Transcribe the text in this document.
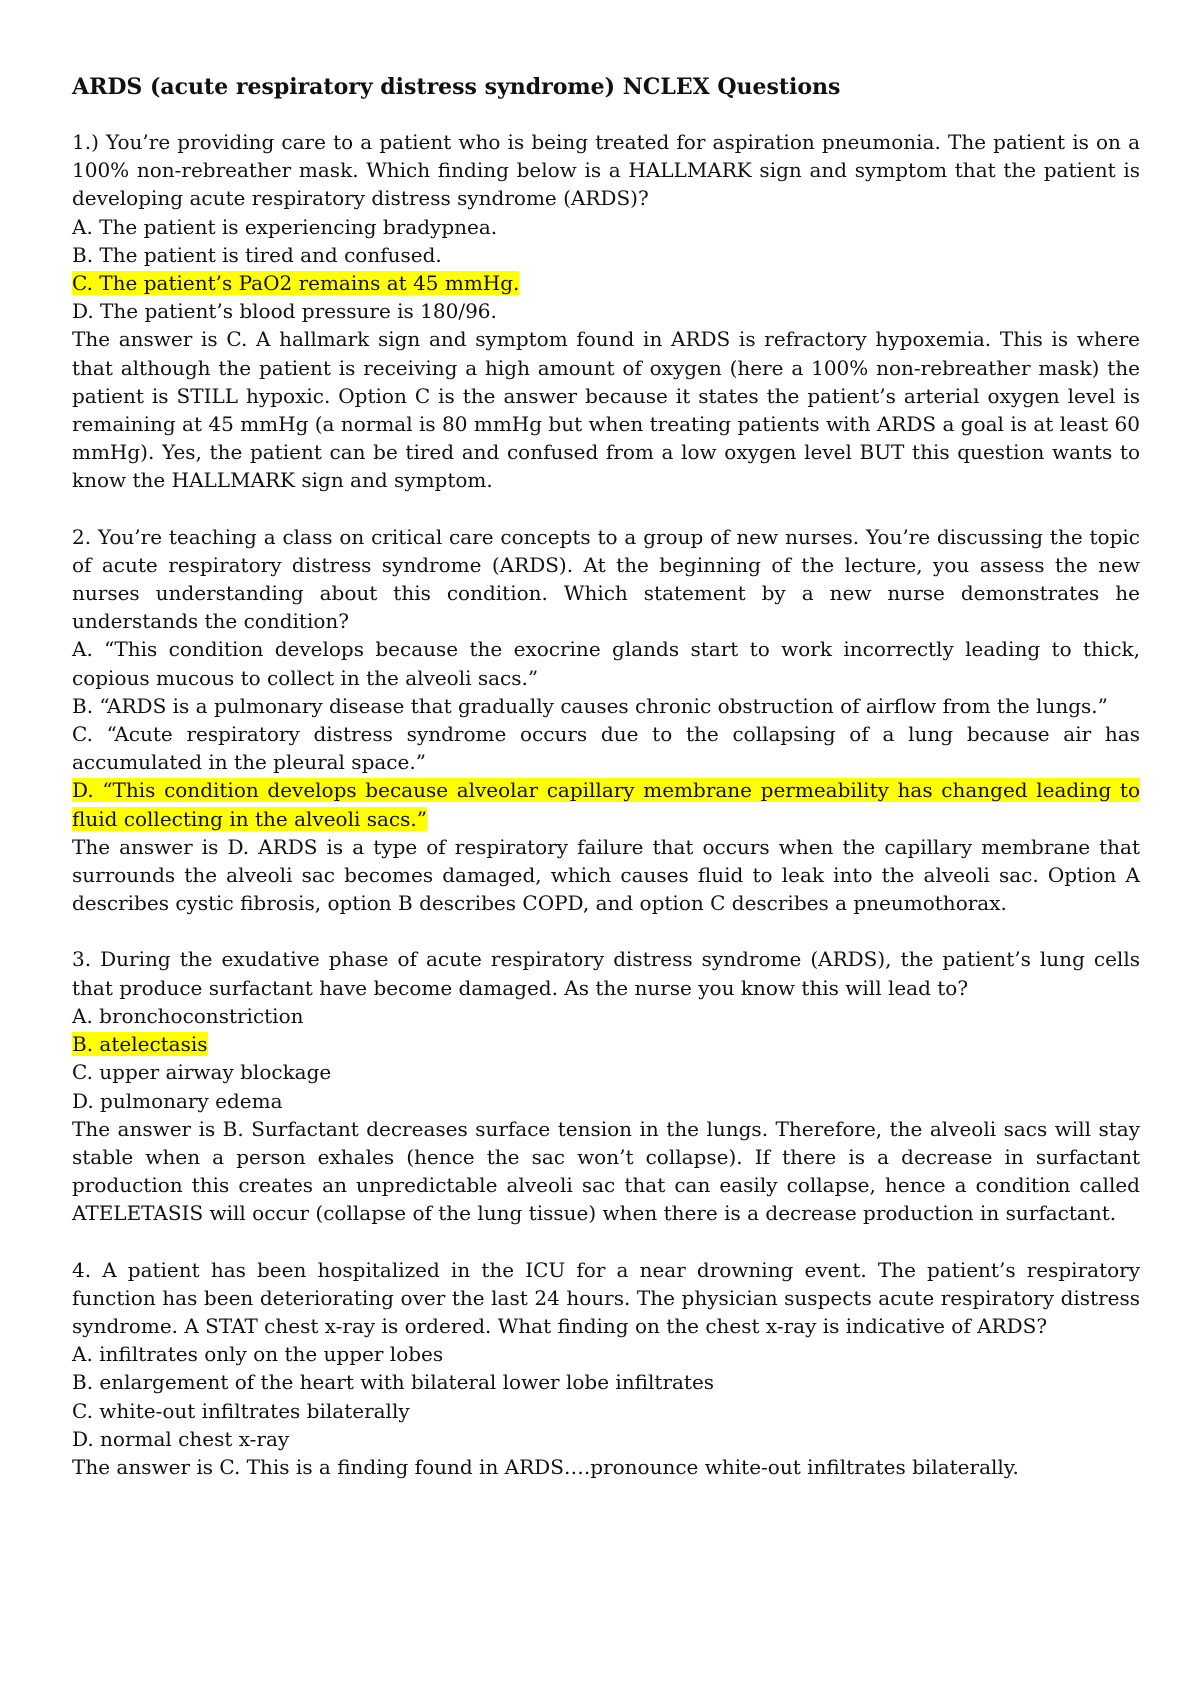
ARDS (acute respiratory distress syndrome) NCLEX Questions

1.) You’re providing care to a patient who is being treated for aspiration pneumonia. The patient is on a 100% non-rebreather mask. Which finding below is a HALLMARK sign and symptom that the patient is developing acute respiratory distress syndrome (ARDS)?

A. The patient is experiencing bradypnea.
B. The patient is tired and confused.
C. The patient’s PaO2 remains at 45 mmHg.
D. The patient’s blood pressure is 180/96.

The answer is C. A hallmark sign and symptom found in ARDS is refractory hypoxemia. This is where that although the patient is receiving a high amount of oxygen (here a 100% non-rebreather mask) the patient is STILL hypoxic. Option C is the answer because it states the patient’s arterial oxygen level is remaining at 45 mmHg (a normal is 80 mmHg but when treating patients with ARDS a goal is at least 60 mmHg). Yes, the patient can be tired and confused from a low oxygen level BUT this question wants to know the HALLMARK sign and symptom.

2. You’re teaching a class on critical care concepts to a group of new nurses. You’re discussing the topic of acute respiratory distress syndrome (ARDS). At the beginning of the lecture, you assess the new nurses understanding about this condition. Which statement by a new nurse demonstrates he understands the condition?

A. “This condition develops because the exocrine glands start to work incorrectly leading to thick, copious mucous to collect in the alveoli sacs.”
B. “ARDS is a pulmonary disease that gradually causes chronic obstruction of airflow from the lungs.”
C. “Acute respiratory distress syndrome occurs due to the collapsing of a lung because air has accumulated in the pleural space.”
D. “This condition develops because alveolar capillary membrane permeability has changed leading to fluid collecting in the alveoli sacs.”

The answer is D. ARDS is a type of respiratory failure that occurs when the capillary membrane that surrounds the alveoli sac becomes damaged, which causes fluid to leak into the alveoli sac. Option A describes cystic fibrosis, option B describes COPD, and option C describes a pneumothorax.

3. During the exudative phase of acute respiratory distress syndrome (ARDS), the patient’s lung cells that produce surfactant have become damaged. As the nurse you know this will lead to?

A. bronchoconstriction
B. atelectasis
C. upper airway blockage
D. pulmonary edema

The answer is B. Surfactant decreases surface tension in the lungs. Therefore, the alveoli sacs will stay stable when a person exhales (hence the sac won’t collapse). If there is a decrease in surfactant production this creates an unpredictable alveoli sac that can easily collapse, hence a condition called ATELETASIS will occur (collapse of the lung tissue) when there is a decrease production in surfactant.

4. A patient has been hospitalized in the ICU for a near drowning event. The patient’s respiratory function has been deteriorating over the last 24 hours. The physician suspects acute respiratory distress syndrome. A STAT chest x-ray is ordered. What finding on the chest x-ray is indicative of ARDS?

A. infiltrates only on the upper lobes
B. enlargement of the heart with bilateral lower lobe infiltrates
C. white-out infiltrates bilaterally
D. normal chest x-ray

The answer is C. This is a finding found in ARDS….pronounce white-out infiltrates bilaterally.
